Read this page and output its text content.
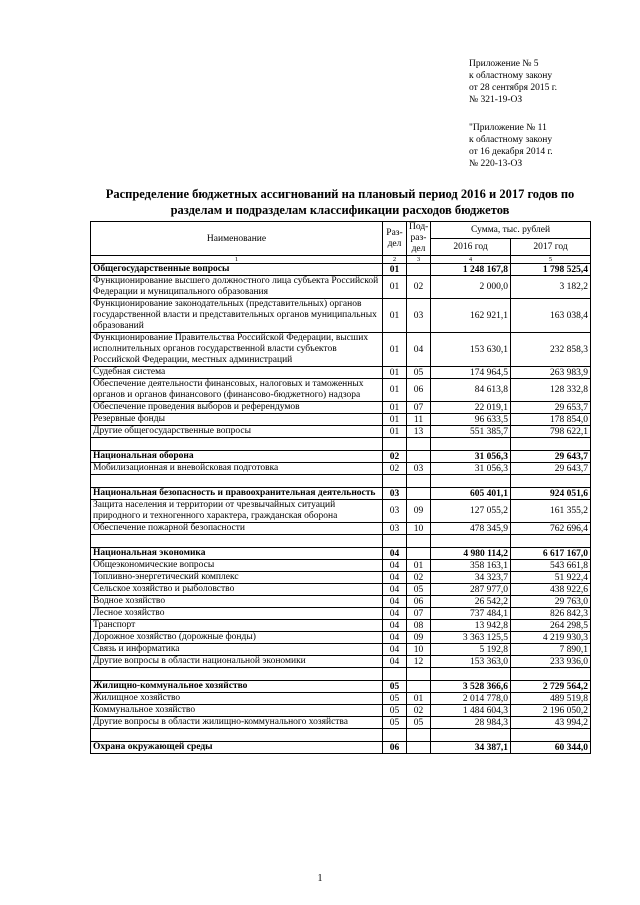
Приложение № 5
к областному закону
от 28 сентября 2015 г.
№ 321-19-ОЗ
"Приложение № 11
к областному закону
от 16 декабря 2014 г.
№ 220-13-ОЗ
Распределение бюджетных ассигнований на плановый период 2016 и 2017 годов по разделам и подразделам классификации расходов бюджетов
Наименование	Раз-дел	Под-раз-дел	Сумма, тыс. рублей	
			2016 год	2017 год
1	2	3	4	5
Общегосударственные вопросы	01		1 248 167,8	1 798 525,4
Функционирование высшего должностного лица субъекта Российской Федерации и муниципального образования	01	02	2 000,0	3 182,2
Функционирование законодательных (представительных) органов государственной власти и представительных органов муниципальных образований	01	03	162 921,1	163 038,4
Функционирование Правительства Российской Федерации, высших исполнительных органов государственной власти субъектов Российской Федерации, местных администраций	01	04	153 630,1	232 858,3
Судебная система	01	05	174 964,5	263 983,9
Обеспечение деятельности финансовых, налоговых и таможенных органов и органов финансового (финансово-бюджетного) надзора	01	06	84 613,8	128 332,8
Обеспечение проведения выборов и референдумов	01	07	22 019,1	29 653,7
Резервные фонды	01	11	96 633,5	178 854,0
Другие общегосударственные вопросы	01	13	551 385,7	798 622,1

Национальная оборона	02		31 056,3	29 643,7
Мобилизационная и вневойсковая подготовка	02	03	31 056,3	29 643,7

Национальная безопасность и правоохранительная деятельность	03		605 401,1	924 051,6
Защита населения и территории от чрезвычайных ситуаций природного и техногенного характера, гражданская оборона	03	09	127 055,2	161 355,2
Обеспечение пожарной безопасности	03	10	478 345,9	762 696,4

Национальная экономика	04		4 980 114,2	6 617 167,0
Общеэкономические вопросы	04	01	358 163,1	543 661,8
Топливно-энергетический комплекс	04	02	34 323,7	51 922,4
Сельское хозяйство и рыболовство	04	05	287 977,0	438 922,6
Водное хозяйство	04	06	26 542,2	29 763,0
Лесное хозяйство	04	07	737 484,1	826 842,3
Транспорт	04	08	13 942,8	264 298,5
Дорожное хозяйство (дорожные фонды)	04	09	3 363 125,5	4 219 930,3
Связь и информатика	04	10	5 192,8	7 890,1
Другие вопросы в области национальной экономики	04	12	153 363,0	233 936,0

Жилищно-коммунальное хозяйство	05		3 528 366,6	2 729 564,2
Жилищное хозяйство	05	01	2 014 778,0	489 519,8
Коммунальное хозяйство	05	02	1 484 604,3	2 196 050,2
Другие вопросы в области жилищно-коммунального хозяйства	05	05	28 984,3	43 994,2

Охрана окружающей среды	06		34 387,1	60 344,0
1
